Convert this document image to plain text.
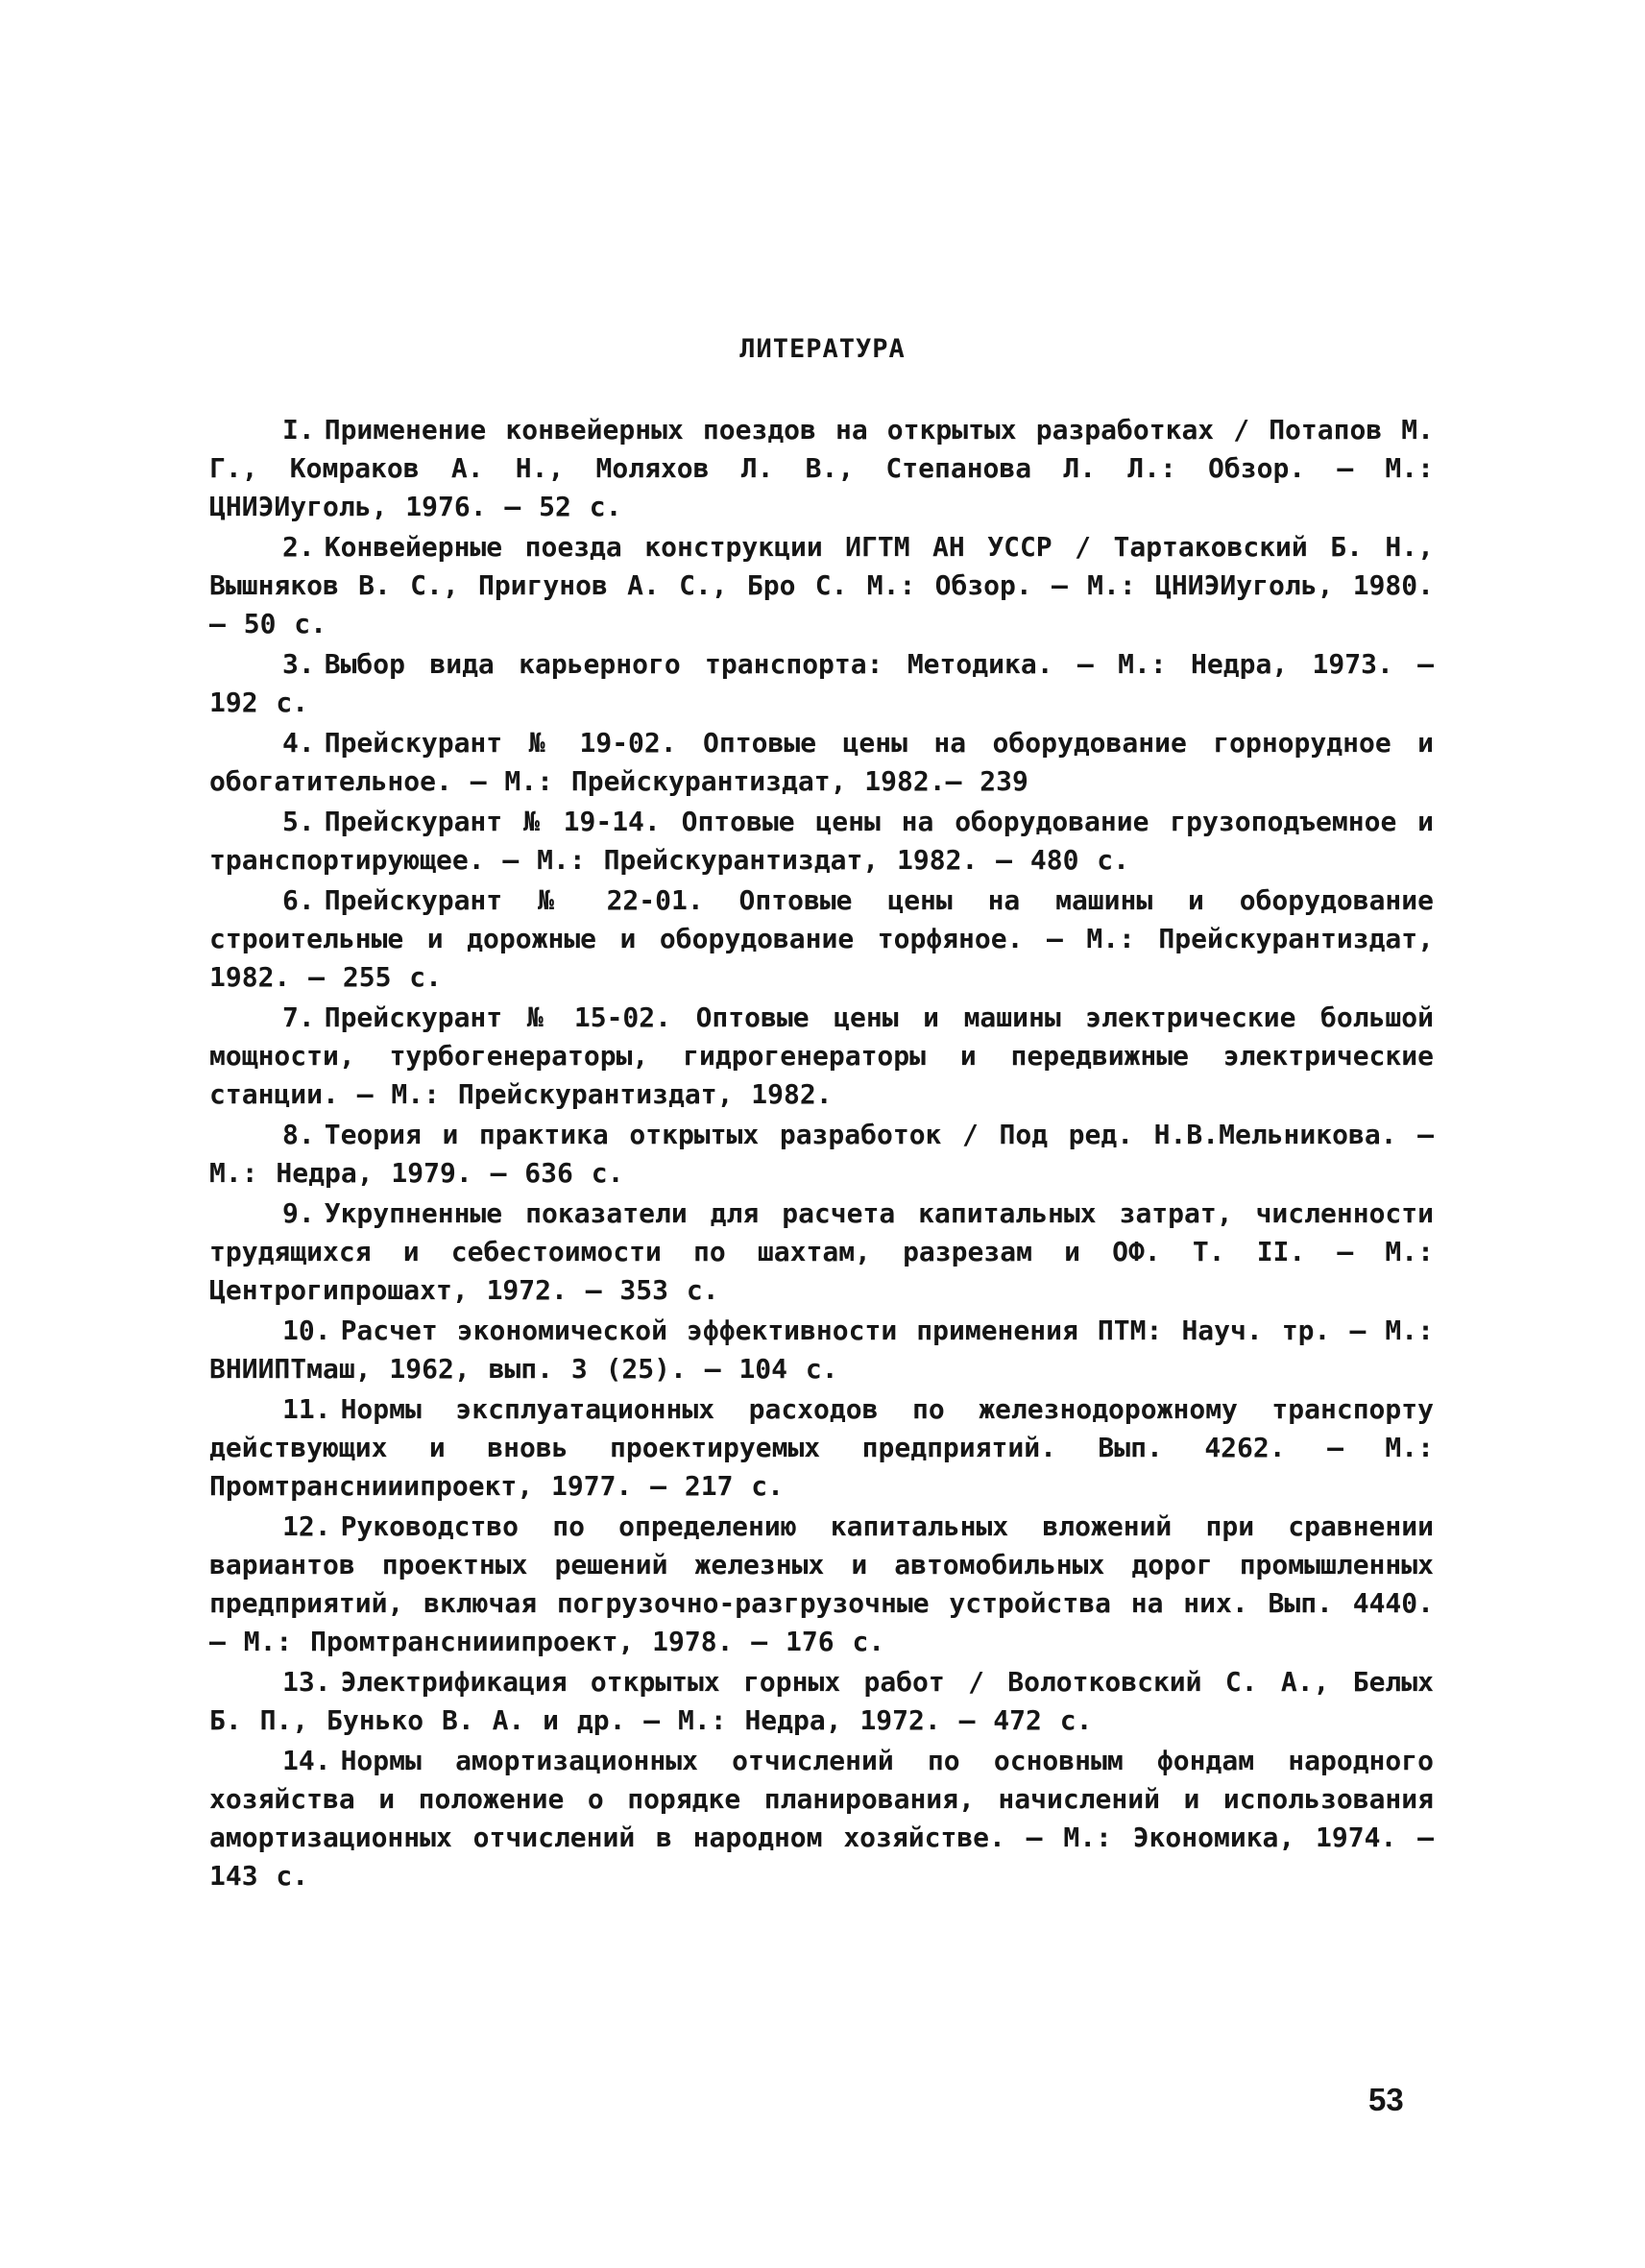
ЛИТЕРАТУРА
I. Применение конвейерных поездов на открытых разработках / Потапов М. Г., Комраков А. Н., Моляхов Л. В., Степанова Л. Л.: Обзор. – М.: ЦНИЭИуголь, 1976. – 52 с.
2. Конвейерные поезда конструкции ИГТМ АН УССР / Тартаковский Б. Н., Вышняков В. С., Пригунов А. С., Бро С. М.: Обзор. – М.: ЦНИЭИуголь, 1980. – 50 с.
3. Выбор вида карьерного транспорта: Методика. – М.: Недра, 1973. – 192 с.
4. Прейскурант № 19-02. Оптовые цены на оборудование горнорудное и обогатительное. – М.: Прейскурантиздат, 1982.– 239
5. Прейскурант № 19-14. Оптовые цены на оборудование грузоподъемное и транспортирующее. – М.: Прейскурантиздат, 1982. – 480 с.
6. Прейскурант № 22-01. Оптовые цены на машины и оборудование строительные и дорожные и оборудование торфяное. – М.: Прейскурантиздат, 1982. – 255 с.
7. Прейскурант № 15-02. Оптовые цены и машины электрические большой мощности, турбогенераторы, гидрогенераторы и передвижные электрические станции. – М.: Прейскурантиздат, 1982.
8. Теория и практика открытых разработок / Под ред. Н.В.Мельникова. – М.: Недра, 1979. – 636 с.
9. Укрупненные показатели для расчета капитальных затрат, численности трудящихся и себестоимости по шахтам, разрезам и ОФ. Т. II. – М.: Центрогипрошахт, 1972. – 353 с.
10. Расчет экономической эффективности применения ПТМ: Науч. тр. – М.: ВНИИПТмаш, 1962, вып. 3 (25). – 104 с.
11. Нормы эксплуатационных расходов по железнодорожному транспорту действующих и вновь проектируемых предприятий. Вып. 4262. – М.: Промтранснииипроект, 1977. – 217 с.
12. Руководство по определению капитальных вложений при сравнении вариантов проектных решений железных и автомобильных дорог промышленных предприятий, включая погрузочно-разгрузочные устройства на них. Вып. 4440. – М.: Промтранснииипроект, 1978. – 176 с.
13. Электрификация открытых горных работ / Волотковский С. А., Белых Б. П., Бунько В. А. и др. – М.: Недра, 1972. – 472 с.
14. Нормы амортизационных отчислений по основным фондам народного хозяйства и положение о порядке планирования, начислений и использования амортизационных отчислений в народном хозяйстве. – М.: Экономика, 1974. – 143 с.
53
